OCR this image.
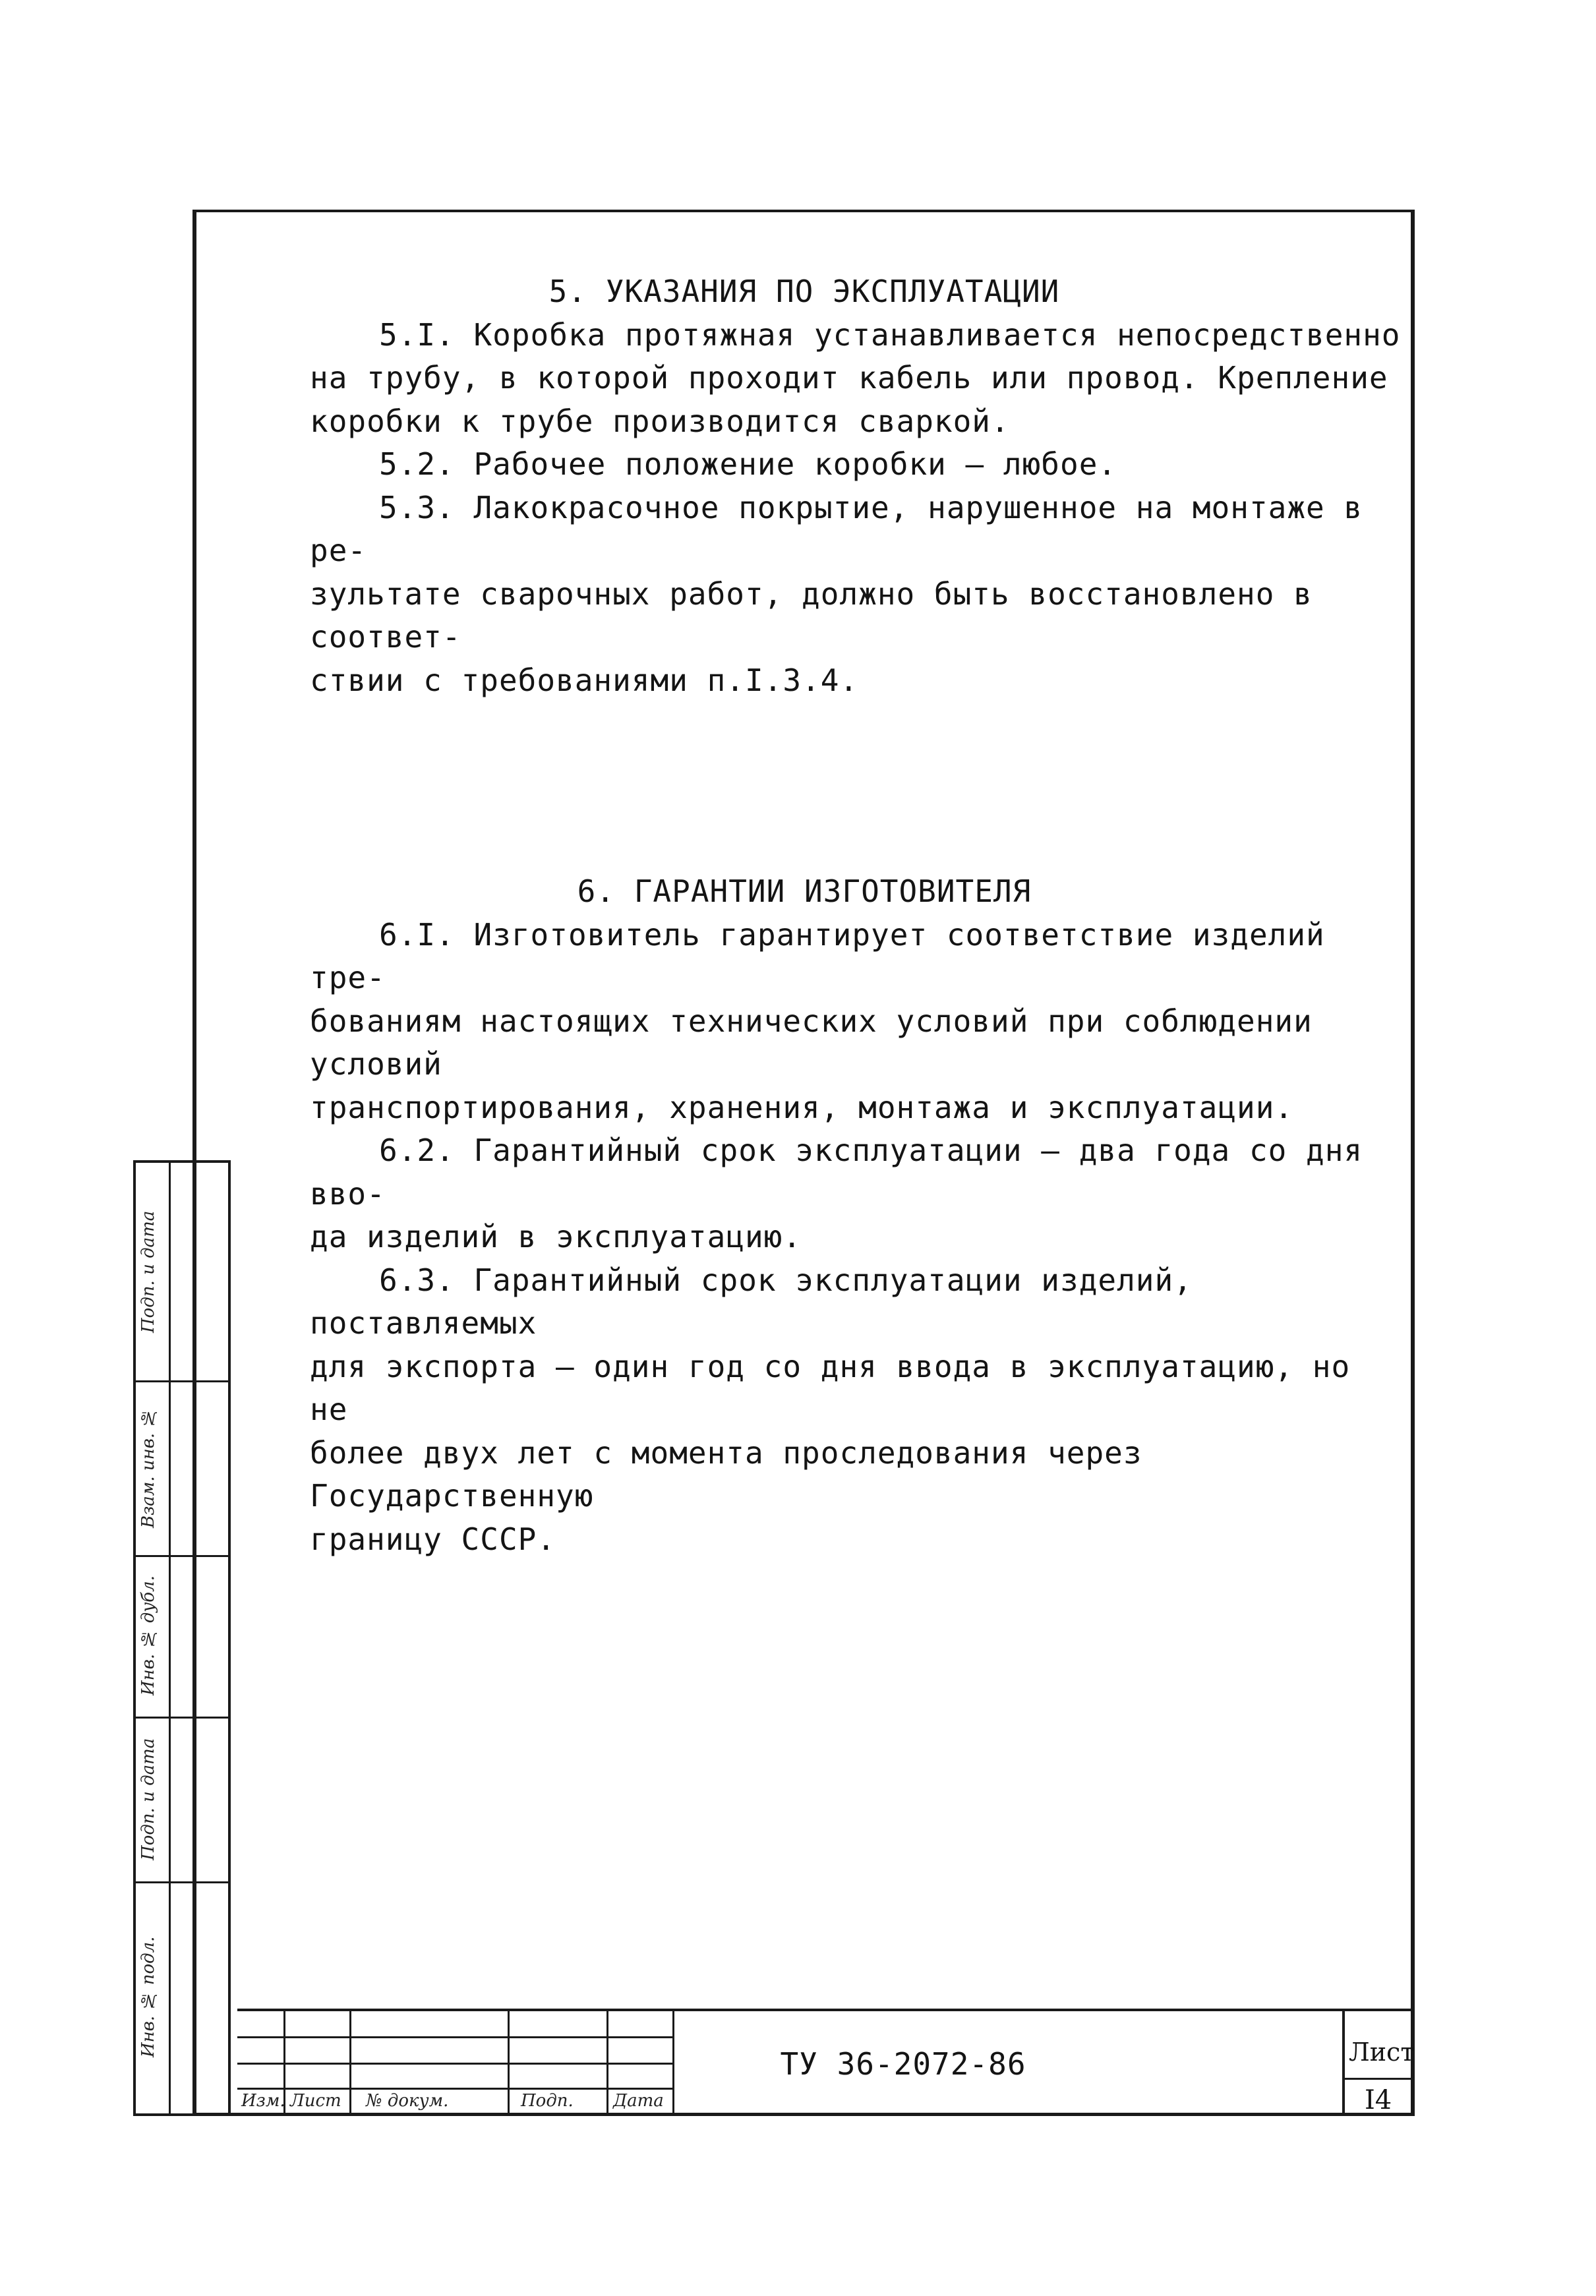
5. УКАЗАНИЯ ПО ЭКСПЛУАТАЦИИ

5.I. Коробка протяжная устанавливается непосредственно

на трубу, в которой проходит кабель или провод. Крепление

коробки к трубе производится сваркой.

5.2. Рабочее положение коробки – любое.

5.3. Лакокрасочное покрытие, нарушенное на монтаже в ре-

зультате сварочных работ, должно быть восстановлено в соответ-

ствии с требованиями п.I.3.4.

6. ГАРАНТИИ ИЗГОТОВИТЕЛЯ

6.I. Изготовитель гарантирует соответствие изделий тре-

бованиям настоящих технических условий при соблюдении условий

транспортирования, хранения, монтажа и эксплуатации.

6.2. Гарантийный срок эксплуатации – два года со дня вво-

да изделий в эксплуатацию.

6.3. Гарантийный срок эксплуатации изделий, поставляемых

для экспорта – один год со дня ввода в эксплуатацию, но не

более двух лет с момента проследования через Государственную

границу СССР.

Подп. и дата
Взам. инв. №
Инв. № дубл.
Подп. и дата
Инв. № подл.
Изм. Лист № докум.	Подп. Дата
ТУ 36-2072-86	Лист
I4
